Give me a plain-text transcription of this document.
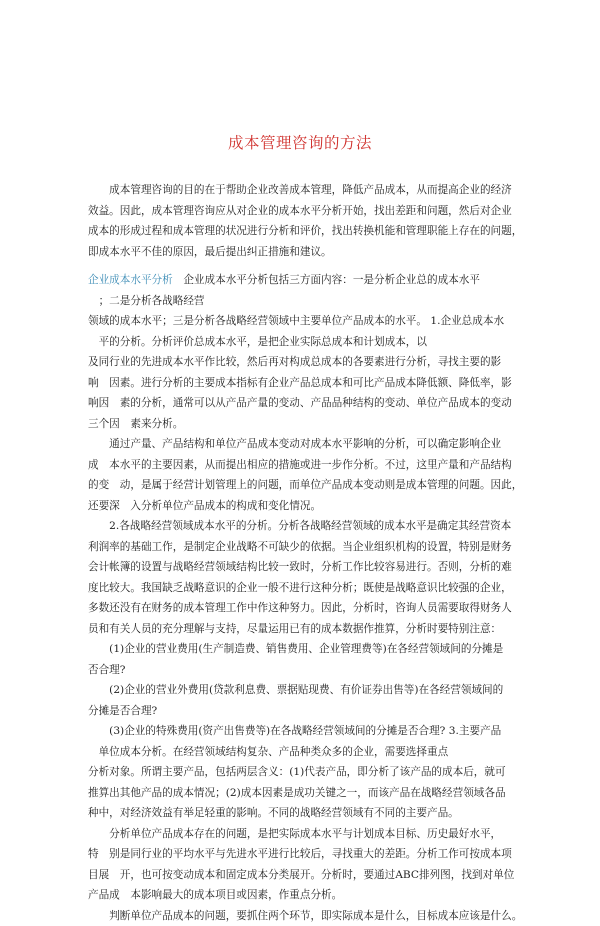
成本管理咨询的方法
　　成本管理咨询的目的在于帮助企业改善成本管理，降低产品成本，从而提高企业的经济
效益。因此，成本管理咨询应从对企业的成本水平分析开始，找出差距和问题，然后对企业
成本的形成过程和成本管理的状况进行分析和评价，找出转换机能和管理职能上存在的问题，
即成本水平不佳的原因，最后提出纠正措施和建议。
企业成本水平分析　企业成本水平分析包括三方面内容：一是分析企业总的成本水平
　；二是分析各战略经营
领域的成本水平；三是分析各战略经营领域中主要单位产品成本的水平。 1.企业总成本水
　平的分析。分析评价总成本水平，是把企业实际总成本和计划成本，以
及同行业的先进成本水平作比较，然后再对构成总成本的各要素进行分析，寻找主要的影
响　因素。进行分析的主要成本指标有企业产品总成本和可比产品成本降低额、降低率，影
响因　素的分析，通常可以从产品产量的变动、产品品种结构的变动、单位产品成本的变动
三个因　素来分析。
　　通过产量、产品结构和单位产品成本变动对成本水平影响的分析，可以确定影响企业
成　本水平的主要因素，从而提出相应的措施或进一步作分析。不过，这里产量和产品结构
的变　动，是属于经营计划管理上的问题，而单位产品成本变动则是成本管理的问题。因此，
还要深　入分析单位产品成本的构成和变化情况。
　　2.各战略经营领域成本水平的分析。分析各战略经营领域的成本水平是确定其经营资本
利润率的基础工作，是制定企业战略不可缺少的依据。当企业组织机构的设置，特别是财务
会计帐簿的设置与战略经营领域结构比较一致时，分析工作比较容易进行。否则，分析的难
度比较大。我国缺乏战略意识的企业一般不进行这种分析；既使是战略意识比较强的企业，
多数还没有在财务的成本管理工作中作这种努力。因此，分析时，咨询人员需要取得财务人
员和有关人员的充分理解与支持，尽量运用已有的成本数据作推算，分析时要特别注意：
　　(1)企业的营业费用(生产制造费、销售费用、企业管理费等)在各经营领域间的分摊是
否合理?
　　(2)企业的营业外费用(贷款利息费、票据贴现费、有价证券出售等)在各经营领域间的
分摊是否合理?
　　(3)企业的特殊费用(资产出售费等)在各战略经营领域间的分摊是否合理? 3.主要产品
　单位成本分析。在经营领域结构复杂、产品种类众多的企业，需要选择重点
分析对象。所谓主要产品，包括两层含义：(1)代表产品，即分析了该产品的成本后，就可
推算出其他产品的成本情况；(2)成本因素是成功关键之一，而该产品在战略经营领域各品
种中，对经济效益有举足轻重的影响。不同的战略经营领域有不同的主要产品。
　　分析单位产品成本存在的问题，是把实际成本水平与计划成本目标、历史最好水平，
特　别是同行业的平均水平与先进水平进行比较后，寻找重大的差距。分析工作可按成本项
目展　开，也可按变动成本和固定成本分类展开。分析时，要通过ABC排列图，找到对单位
产品成　本影响最大的成本项目或因素，作重点分析。
　　判断单位产品成本的问题，要抓住两个环节，即实际成本是什么，目标成本应该是什么。
